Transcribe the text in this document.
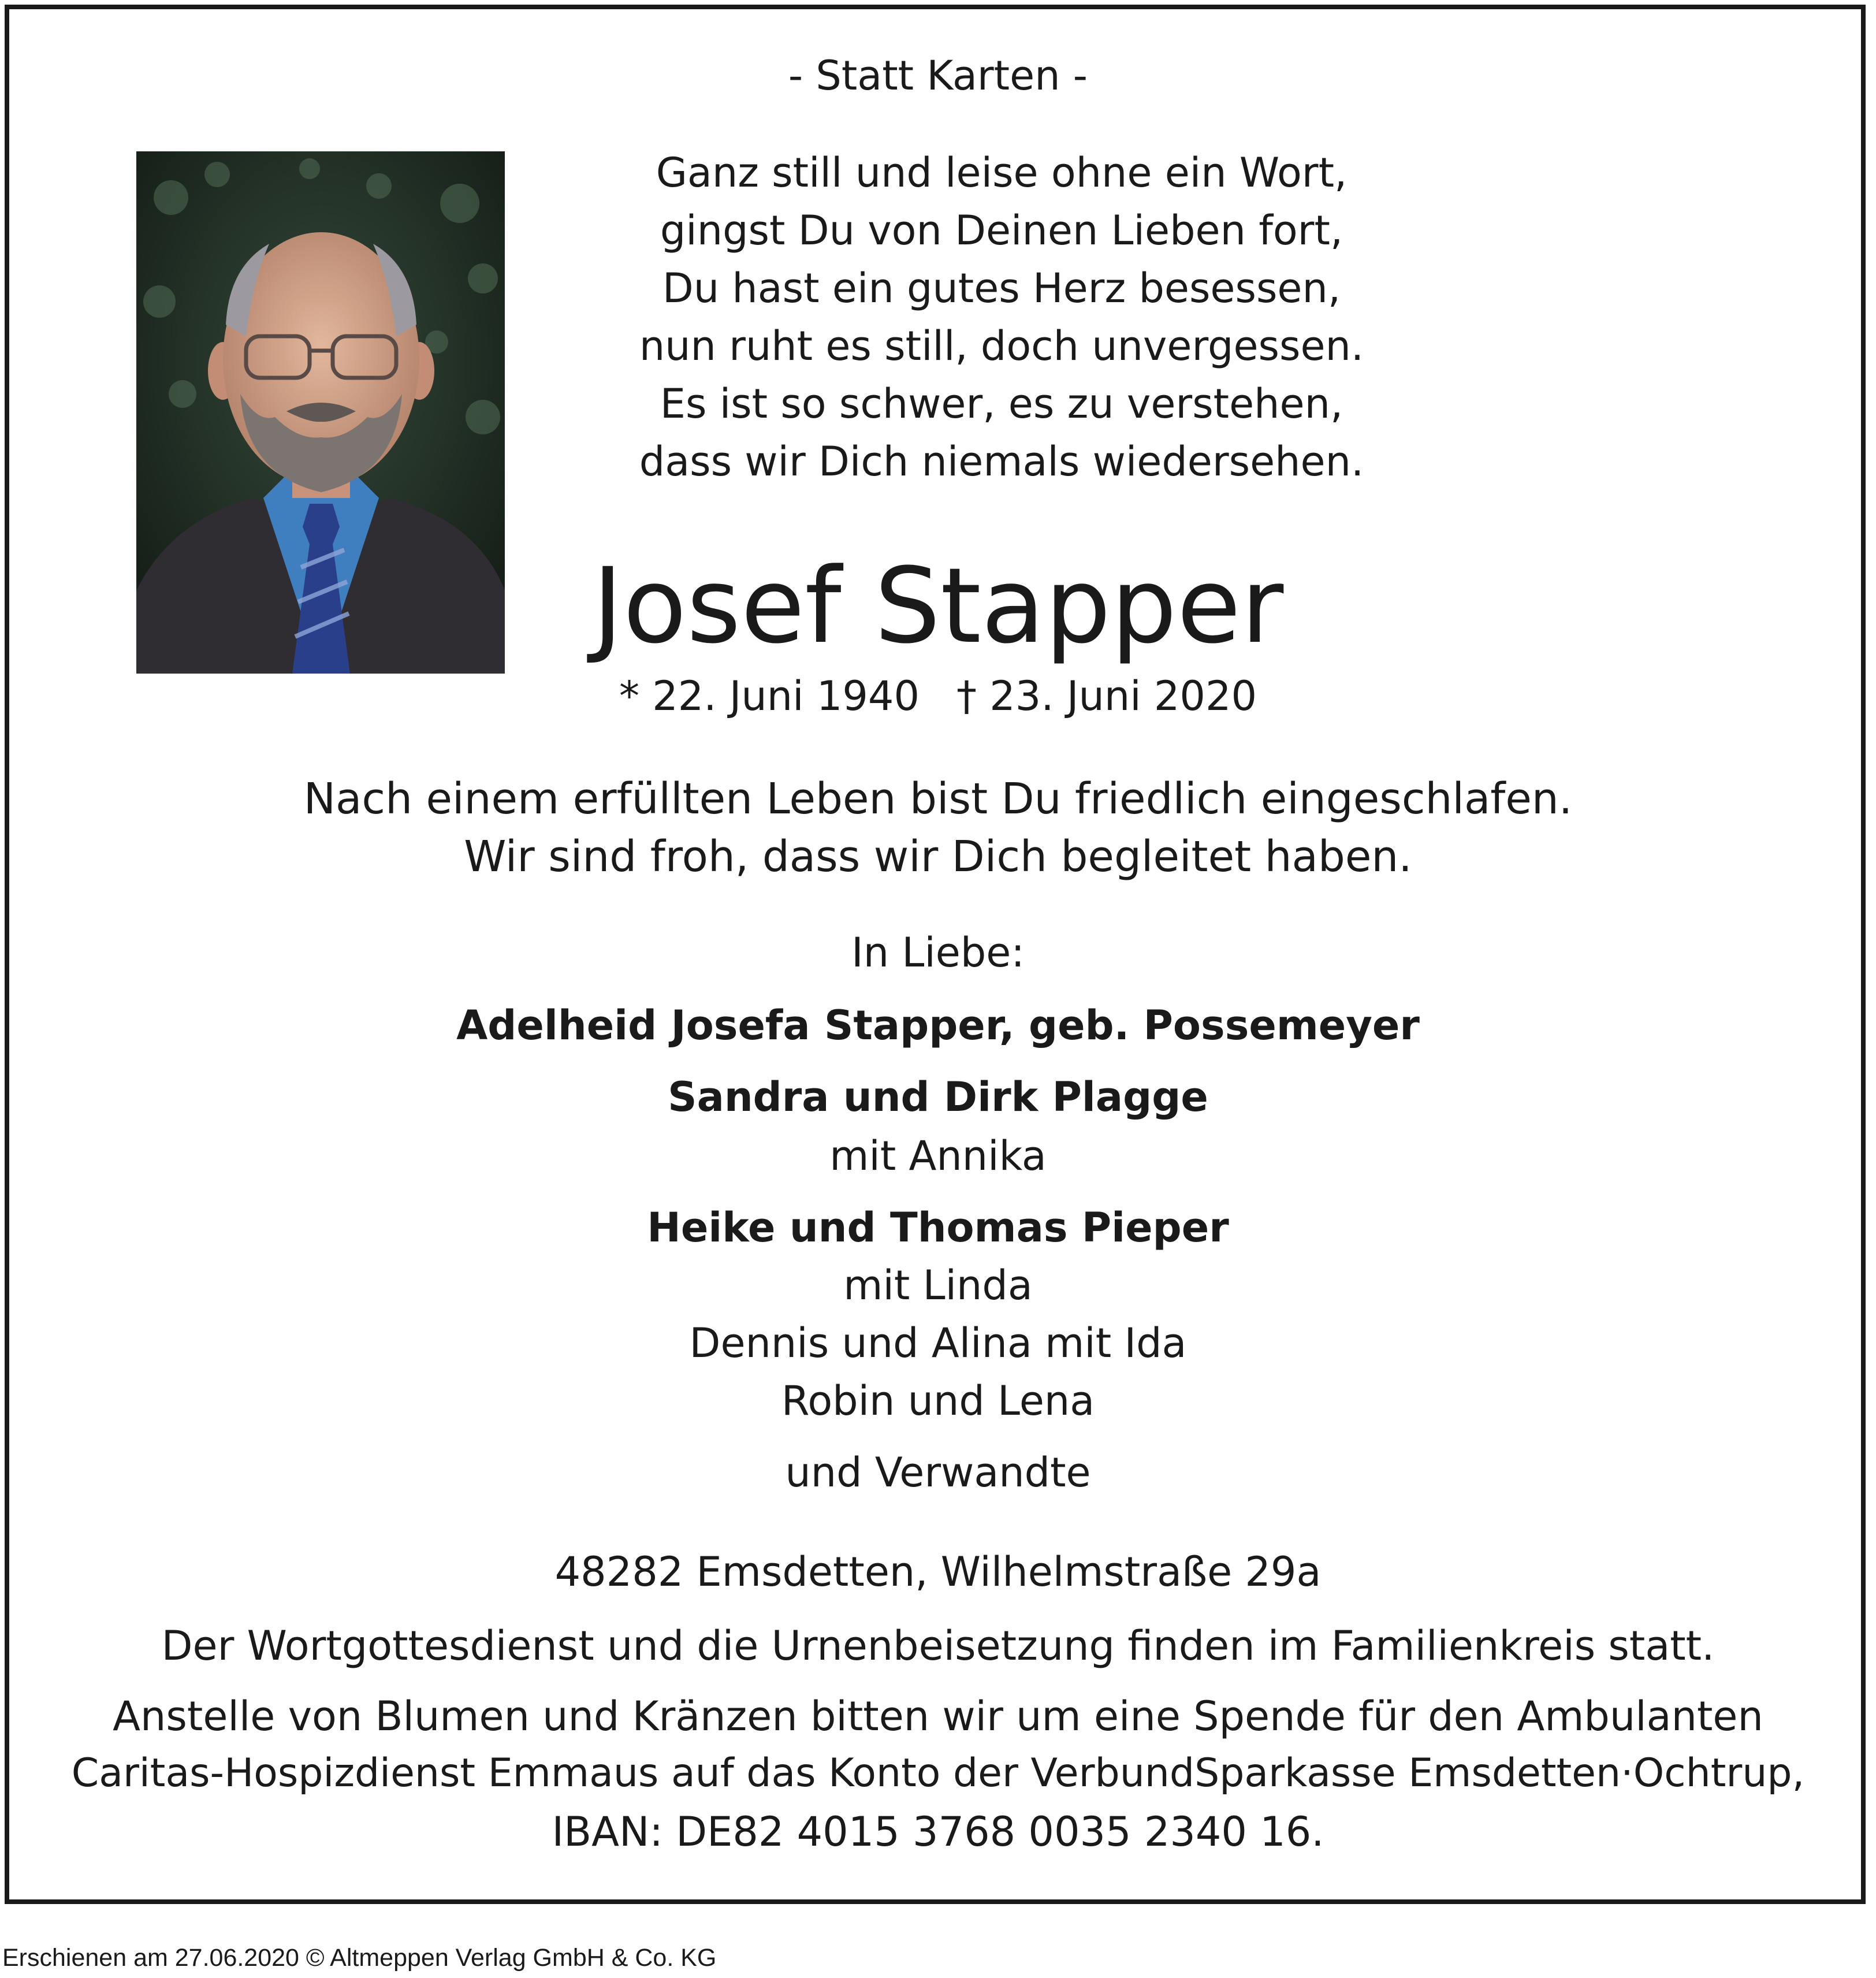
- Statt Karten -
Ganz still und leise ohne ein Wort,
gingst Du von Deinen Lieben fort,
Du hast ein gutes Herz besessen,
nun ruht es still, doch unvergessen.
Es ist so schwer, es zu verstehen,
dass wir Dich niemals wiedersehen.
Josef Stapper
* 22. Juni 1940 † 23. Juni 2020
Nach einem erfüllten Leben bist Du friedlich eingeschlafen.
Wir sind froh, dass wir Dich begleitet haben.
In Liebe:
Adelheid Josefa Stapper, geb. Possemeyer
Sandra und Dirk Plagge
mit Annika
Heike und Thomas Pieper
mit Linda
Dennis und Alina mit Ida
Robin und Lena
und Verwandte
48282 Emsdetten, Wilhelmstraße 29a
Der Wortgottesdienst und die Urnenbeisetzung finden im Familienkreis statt.
Anstelle von Blumen und Kränzen bitten wir um eine Spende für den Ambulanten
Caritas-Hospizdienst Emmaus auf das Konto der VerbundSparkasse Emsdetten·Ochtrup,
IBAN: DE82 4015 3768 0035 2340 16.
Erschienen am 27.06.2020 © Altmeppen Verlag GmbH & Co. KG
